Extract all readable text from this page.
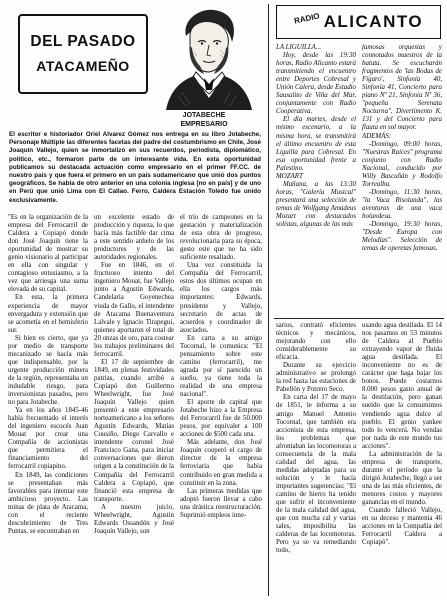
DEL PASADO
ATACAMEÑO
JOTABECHE
EMPRESARIO
El escritor e historiador Oriel Alvarez Gómez nos entrega en su libro Jotabeche, Personaje Múltiple las diferentes facetas del padre del costumbrismo en Chile, José Joaquín Vallejo, quien se inmortalizó en sus recuerdos, periodista, diplomático, político, etc., formaron parte de un interesante vida. En esta oportunidad publicamos su destacada actuación como empresario en el primer FF.CC. de nuestro país y que fuera el primero en un país sudamericano que unió dos puntos geográficos. Se habla de otro anterior en una colonia inglesa [no en país] y de uno en Perú que unió Lima con El Callao. Ferro, Caldera Estación Toledo fue unido exclusivamente.

"Es en la organización de la empresa del Ferrocarril de Caldera a Copiapó donde don José Joaquín tiene la oportunidad de mostrar su genio visionario al participar en ella con singular y contagioso entusiasmo, a la vez que arriesga una suma elevada de su capital.

En esta, la primera experiencia de mayor envergadura y extensión que se acometía en el hemisferio sur.

Si bien es cierto, que ya por medio de transporte mecanizado se hacía más que indispensable, por la urgente producción minera de la región, representaba un indudable riesgo, para inversionistas pasados, pero no para Jotabeche.

Ya en los años 1845-46 había frecuentado el interés del ingeniero escocés Juan Mouat por crear una Compañía de accionistas que permitiera el financiamiento del ferrocarril copiapino.

En 1849, las condiciones se presentaban más favorables para intentar este ambicioso proyecto. Las minas de plata de Atacama, con el reciente descubrimiento de Tres Puntas, se encontraban en

un excelente estado de producción y riqueza, lo que hacía más factible dar cima a este sentido anhelo de los productores y de las autoridades regionales.

Fue en 1846, en el fructuoso intento del ingeniero Mouat, fue Vallejo junto a Agustín Edwards, Candelaria Goyenechea viuda de Gallo, el intendente de Atacama Buenaventura Lalvale y Ignacio Tirapegui, quienes aportaron el total de 20 onzas de oro, para costear los trabajos preliminares del ferrocarril.

El 17 de septiembre de 1849, en plenas festividades patrias, cuando arribó a Copiapó don Guillermo Wheelwright, fue José Joaquín Vallejo quien presentó a este empresario norteamericano a los señores Agustín Edwards, Matías Cousiño, Diego Carvallo e intendente coronel José Francisco Gana, para iniciar conversaciones que dieron origen a la constitución de la Compañía del Ferrocarril Caldera a Copiapó, que financió esta empresa de transporte.

A nuestro juicio, Wheelwright, Agustín Edwards Ossandón y José Joaquín Vallejo, son

el trío de campeones en la gestación y materialización de esta obra de progreso, revolucionaria para su época, gesto este que no ha sido suficiente resaltado.

Una vez constituida la Compañía del Ferrocarril, estos dos últimos ocupan en ella los cargos más importantes: Edwards, presidente y Vallejo, secretario de actas de acuerdos y coordinador de asociados.

En carta a su amigo Tocornal, le comunica: "El pensamiento sobre este camino (ferrocarril), me agrada por sí parecido un sueño, ya tiene toda la realidad de una empresa nacional".

El aporte de capital que Jotabeche hizo a la Empresa del Ferrocarril fue de 50.000 pesos, por equivaler a 100 acciones de $500 cada una.

Más adelante, don José Joaquín cooperó el cargo de director de la empresa ferroviaria que había contribuido en gran medida a constituir en la zona.

Las primeras medidas que adoptó fueron llevar a cabo una drástica reestructuración. Suprimió empleos inne-

RADIO ALICANTO

LA LIGUILLA...

Hoy, desde las 19:30 horas, Radio Alicanto estará transmitiendo el encuentro entre Deportes Cobresal y Unión Calera, desde Estadio Sausalito de Viña del Mar, conjuntamente con Radio Cooperativa.

El día martes, desde el mismo escenario, a la misma hora, se transmitirá el último encuentro de esta Liguilla para Cobresal. En esa oportunidad frente a Palestino.

MOZART

Mañana, a las 13:30 horas, "Galería Musical" presentará una selección de temas de Wolfgang Amadeus Mozart con destacados solistas, algunas de las más

famosas orquestas y connotados maestros de la batuta. Se escucharán fragmentos de 'las Bodas de Fígaro', Sinfonía 40, Sinfonía 41, Concierto para piano Nº 21, Sinfonía Nº 36, "pequeña Serenata Nocturna", Divertimento K. 131 y del Concierto para flauta en sol mayor.

ADEMÁS:

-Domingo, 09:00 horas, "Nuestras Raíces" programa conjunto con Radio Nacional, conducido por Willy Bascuñán y Rodolfo Torrealba.

-Domingo, 11:30 horas, "la Vaca Risolanda", las aventuras de una vaca bolandesa.

-Domingo, 19:30 horas, "Desde Europa con Melodías". Selección de temas de operetas famosas.

sarios, contrató eficientes técnicos y mecánicos, mejorando con ello considerablemente su eficacia.

Durante su ejercicio administrativo se prolongó la red hasta las estaciones de Pabellón y Potrero Seco.

En carta del 17 de mayo de 1851, le informa a su amigo Manuel Antonio Tocornal, que también era accionista de esta empresa, los problemas que afrontaban las locomotoras a consecuencia de la mala calidad del agua, las medidas adoptadas para su solución y le hacía importantes sugerencias: "El camino de hierro ha tenido que sufrir el inconveniente de la mala calidad del agua, que con mucha cal y varias sales, imposibilita las calderas de las locomotoras. Pero ya se va remediando todo,

usando agua destilada. El 14 nos pasamos en 53 minutos de Caldera al Pueblo extrayendo vapor de fluida agua destilada. El inconveniente no es de carácter que haga bajar los bonos. Puede costarnos 8.000 pesos gasto anual de la destilación, pero ganan sueldo que la consumimos vendiendo agua dulce al pueblo. El genio yankee todo lo vencerá. No vendas por nada de este mundo tus acciones".

La administración de la empresa de transporte, durante el período que la dirigió Jotabeche, llegó a ser una de las más eficientes, de menores costos y mayores ganancias en el mundo.

Cuando falleció Vallejo, en su deceso y mantenía 46 acciones en la Compañía del Ferrocarril Caldera a Copiapó".
